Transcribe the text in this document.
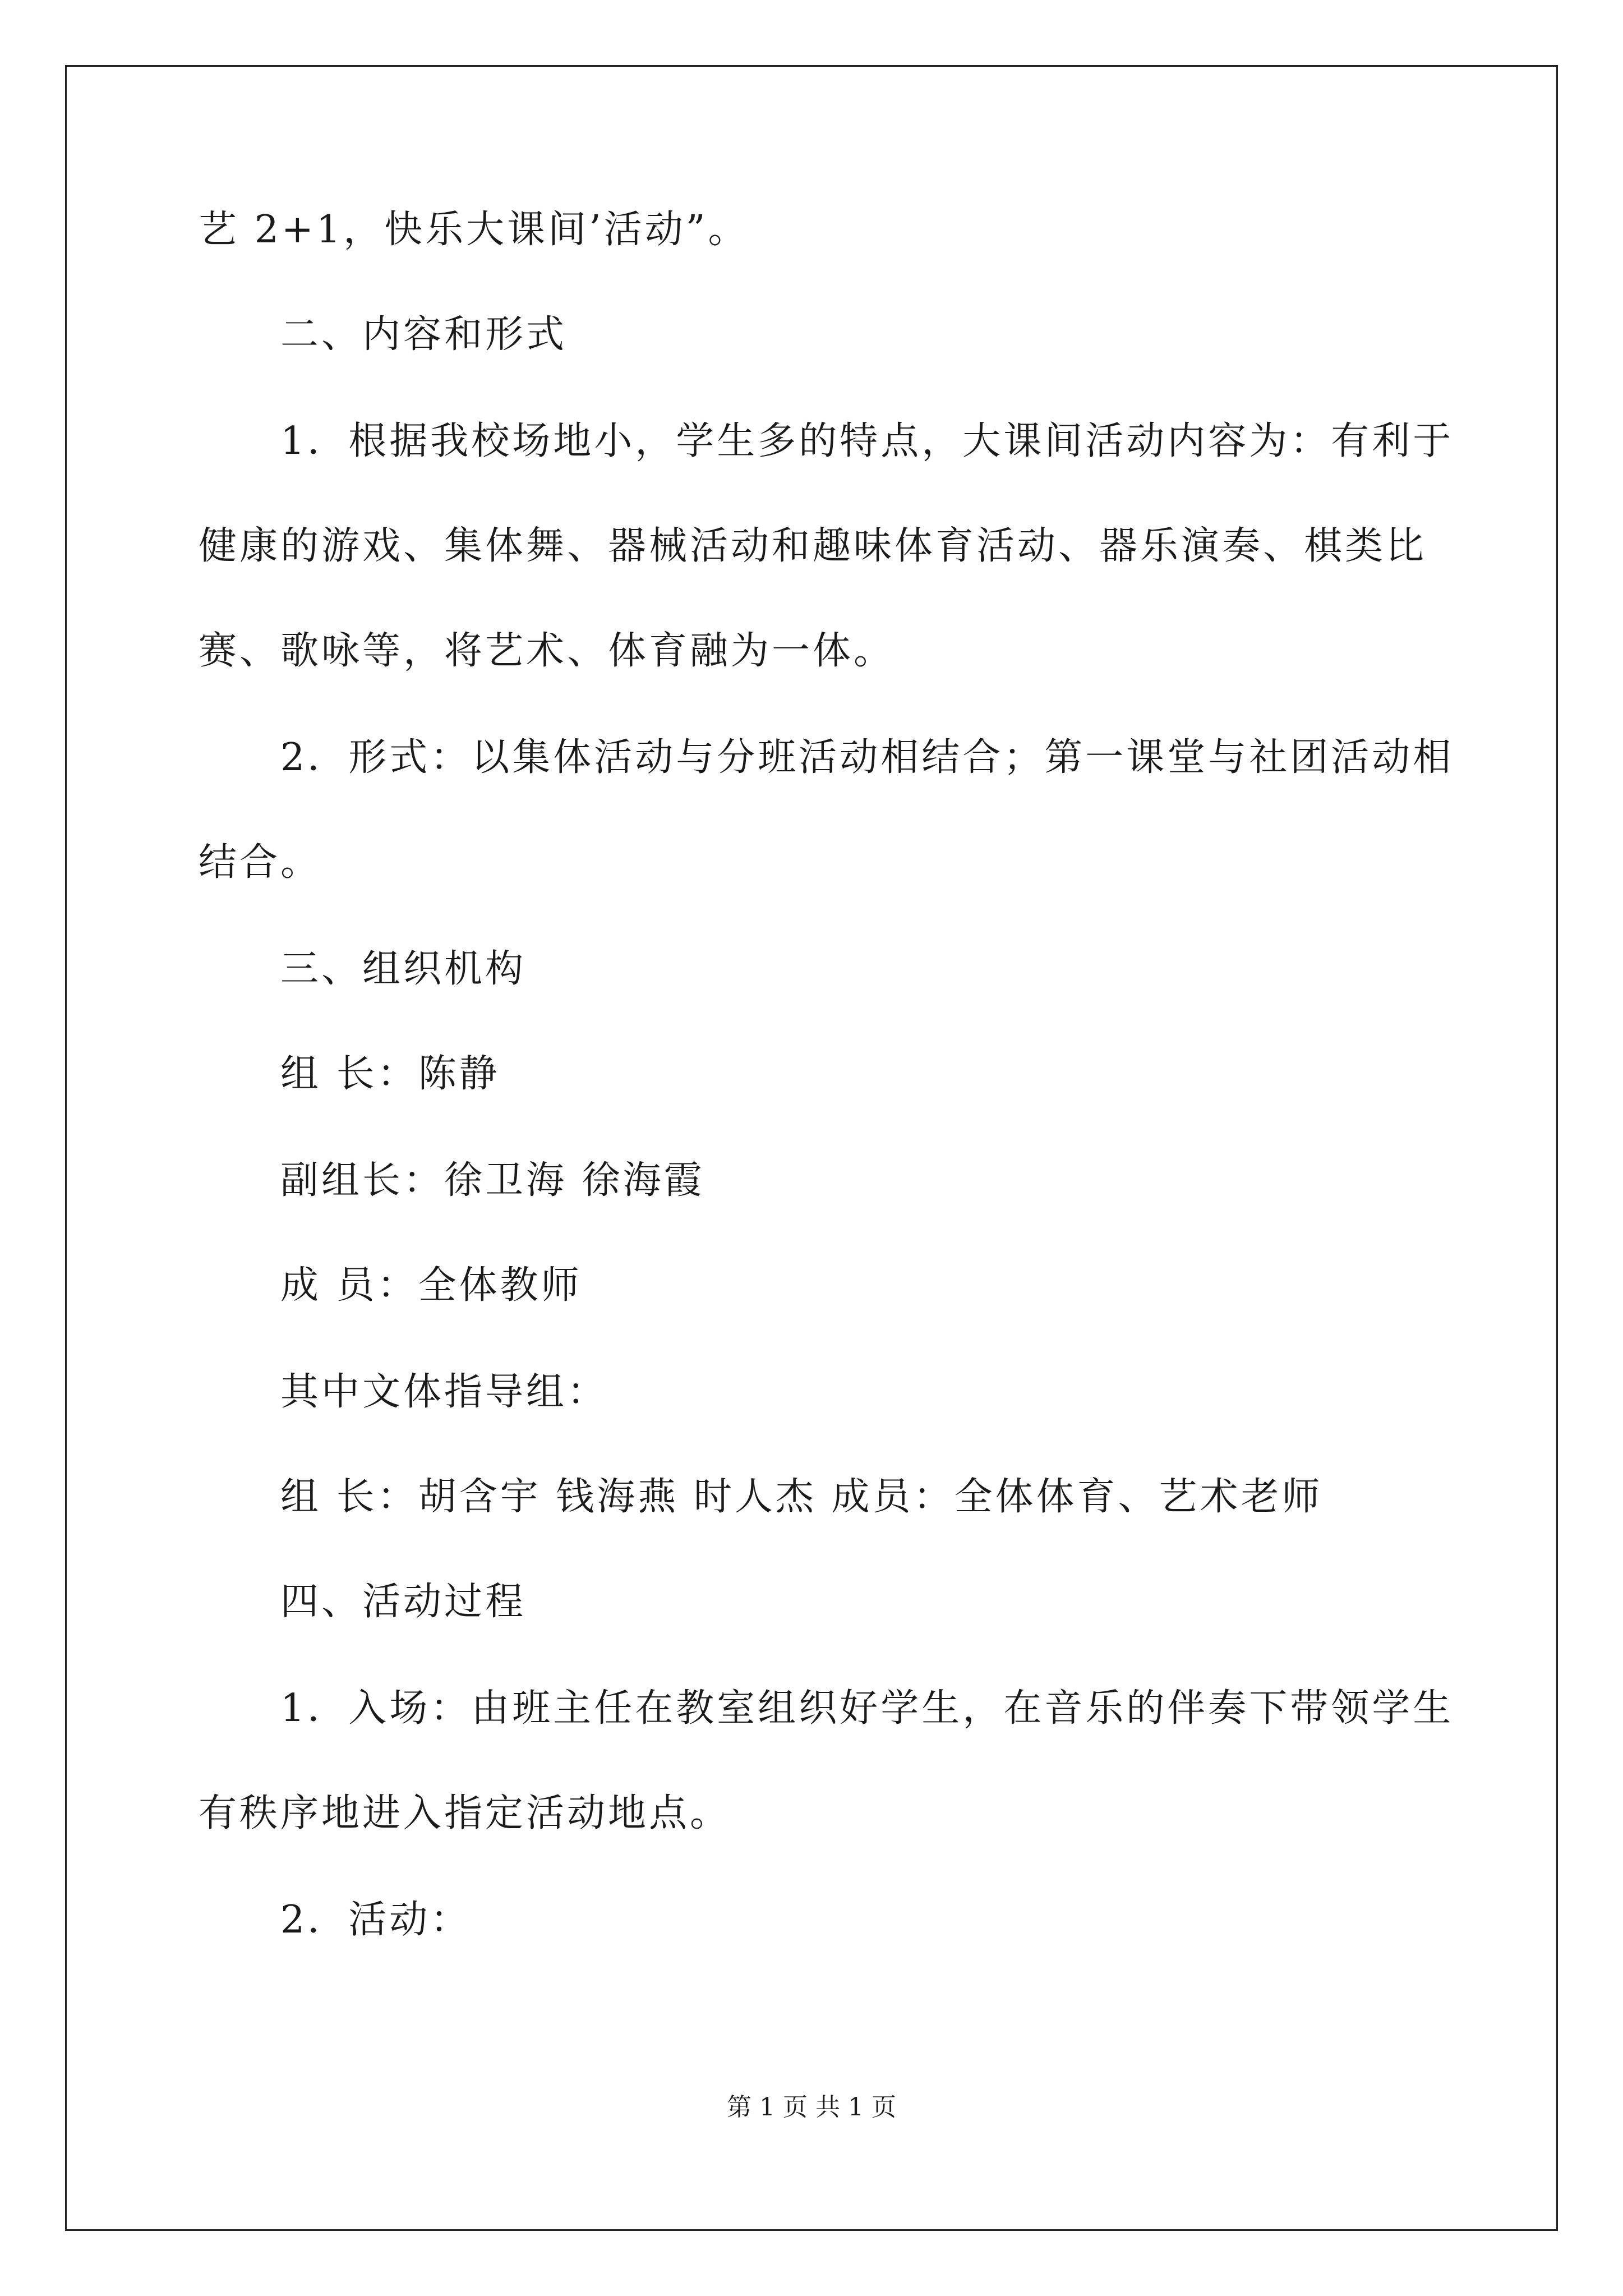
艺 2+1，快乐大课间’活动”。
二、内容和形式
1．根据我校场地小，学生多的特点，大课间活动内容为：有利于
健康的游戏、集体舞、器械活动和趣味体育活动、器乐演奏、棋类比
赛、歌咏等，将艺术、体育融为一体。
2．形式：以集体活动与分班活动相结合；第一课堂与社团活动相
结合。
三、组织机构
组 长：陈静
副组长：徐卫海 徐海霞
成 员：全体教师
其中文体指导组：
组 长：胡含宇 钱海燕 时人杰 成员：全体体育、艺术老师
四、活动过程
1．入场：由班主任在教室组织好学生，在音乐的伴奏下带领学生
有秩序地进入指定活动地点。
2．活动：
第 1 页 共 1 页
